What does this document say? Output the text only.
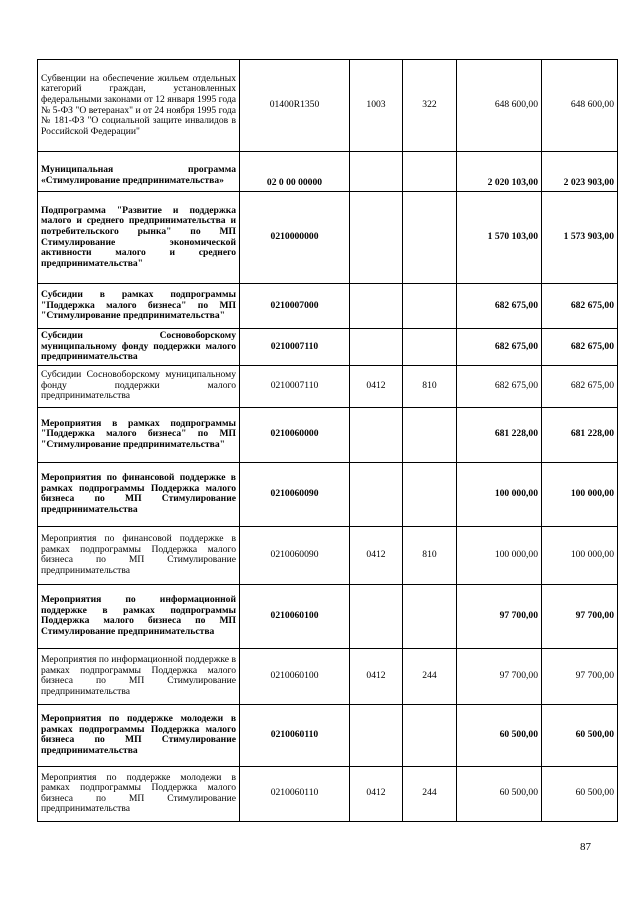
Субвенции на обеспечение жильем отдельных категорий граждан, установленных федеральными законами от 12 января 1995 года № 5-ФЗ "О ветеранах" и от 24 ноября 1995 года № 181-ФЗ "О социальной защите инвалидов в Российской Федерации"	01400R1350	1003	322	648 600,00	648 600,00

Муниципальная программа «Стимулирование предпринимательства»	02 0 00 00000			2 020 103,00	2 023 903,00
Подпрограмма "Развитие и поддержка малого и среднего предпринимательства и потребительского рынка" по МП Стимулирование экономической активности малого и среднего предпринимательства"	0210000000			1 570 103,00	1 573 903,00
Субсидии в рамках подпрограммы "Поддержка малого бизнеса" по МП "Стимулирование предпринимательства"	0210007000			682 675,00	682 675,00
Субсидии Сосновоборскому муниципальному фонду поддержки малого предпринимательства	0210007110			682 675,00	682 675,00
Субсидии Сосновоборскому муниципальному фонду поддержки малого предпринимательства	0210007110	0412	810	682 675,00	682 675,00
Мероприятия в рамках подпрограммы "Поддержка малого бизнеса" по МП "Стимулирование предпринимательства"	0210060000			681 228,00	681 228,00
Мероприятия по финансовой поддержке в рамках подпрограммы Поддержка малого бизнеса по МП Стимулирование предпринимательства	0210060090			100 000,00	100 000,00
Мероприятия по финансовой поддержке в рамках подпрограммы Поддержка малого бизнеса по МП Стимулирование предпринимательства	0210060090	0412	810	100 000,00	100 000,00
Мероприятия по информационной поддержке в рамках подпрограммы Поддержка малого бизнеса по МП Стимулирование предпринимательства	0210060100			97 700,00	97 700,00
Мероприятия по информационной поддержке в рамках подпрограммы Поддержка малого бизнеса по МП Стимулирование предпринимательства	0210060100	0412	244	97 700,00	97 700,00
Мероприятия по поддержке молодежи в рамках подпрограммы Поддержка малого бизнеса по МП Стимулирование предпринимательства	0210060110			60 500,00	60 500,00
Мероприятия по поддержке молодежи в рамках подпрограммы Поддержка малого бизнеса по МП Стимулирование предпринимательства	0210060110	0412	244	60 500,00	60 500,00
87
